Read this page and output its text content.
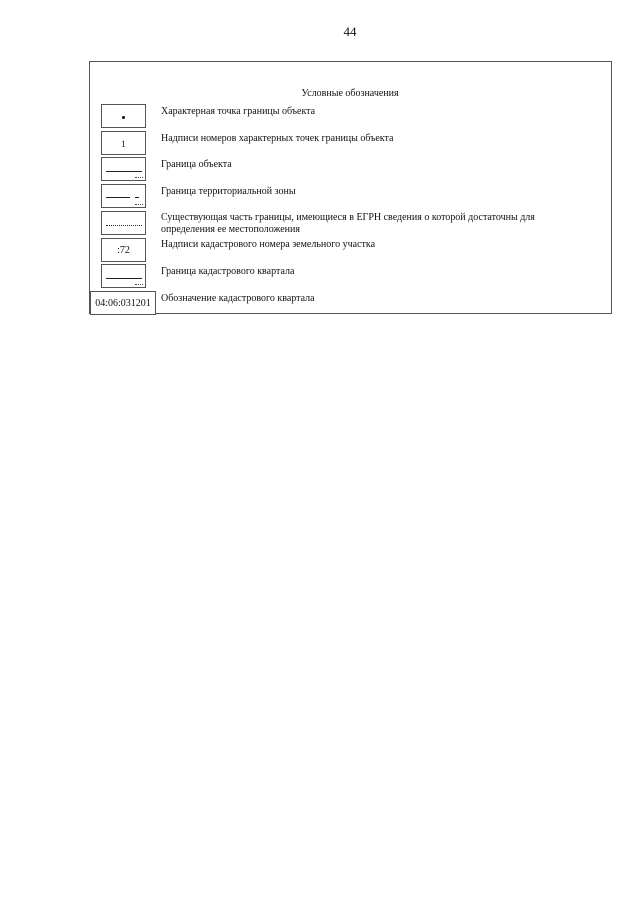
44
Условные обозначения
Характерная точка границы объекта
1	Надписи номеров характерных точек границы объекта
Граница объекта
Граница территориальной зоны
Существующая часть границы, имеющиеся в ЕГРН сведения о которой достаточны для определения ее местоположения
:72
Надписи кадастрового номера земельного участка
Граница кадастрового квартала
04:06:031201	Обозначение кадастрового квартала
